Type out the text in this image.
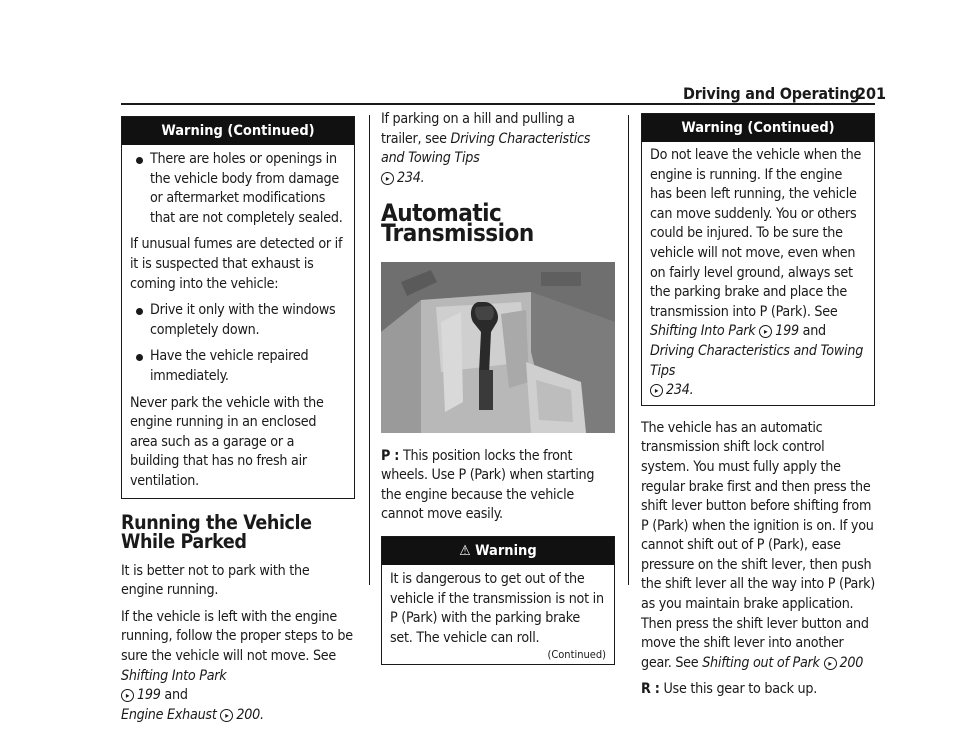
Driving and Operating
201
Warning (Continued)
There are holes or openings in the vehicle body from damage or aftermarket modifications that are not completely sealed.

If unusual fumes are detected or if it is suspected that exhaust is coming into the vehicle:

Drive it only with the windows completely down.
Have the vehicle repaired immediately.

Never park the vehicle with the engine running in an enclosed area such as a garage or a building that has no fresh air ventilation.

Running the Vehicle While Parked

It is better not to park with the engine running.

If the vehicle is left with the engine running, follow the proper steps to be sure the vehicle will not move. See Shifting Into Park
▸ 199 and
Engine Exhaust ▸ 200.

If parking on a hill and pulling a trailer, see Driving Characteristics and Towing Tips
▸ 234.

Automatic Transmission

P : This position locks the front wheels. Use P (Park) when starting the engine because the vehicle cannot move easily.

⚠ Warning

It is dangerous to get out of the vehicle if the transmission is not in P (Park) with the parking brake set. The vehicle can roll.

(Continued)
Warning (Continued)

Do not leave the vehicle when the engine is running. If the engine has been left running, the vehicle can move suddenly. You or others could be injured. To be sure the vehicle will not move, even when on fairly level ground, always set the parking brake and place the transmission into P (Park). See Shifting Into Park ▸ 199 and
Driving Characteristics and Towing Tips
▸ 234.

The vehicle has an automatic transmission shift lock control system. You must fully apply the regular brake first and then press the shift lever button before shifting from P (Park) when the ignition is on. If you cannot shift out of P (Park), ease pressure on the shift lever, then push the shift lever all the way into P (Park) as you maintain brake application. Then press the shift lever button and move the shift lever into another gear. See Shifting out of Park ▸ 200

R : Use this gear to back up.
